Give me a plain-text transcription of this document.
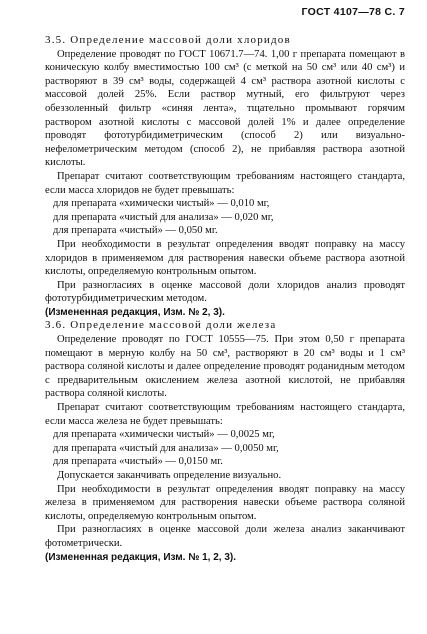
ГОСТ 4107—78 С. 7
3.5. Определение массовой доли хлоридов

Определение проводят по ГОСТ 10671.7—74. 1,00 г препарата помещают в коническую колбу вместимостью 100 см³ (с меткой на 50 см³ или 40 см³) и растворяют в 39 см³ воды, содержащей 4 см³ раствора азотной кислоты с массовой долей 25%. Если раствор мутный, его фильтруют через обеззоленный фильтр «синяя лента», тщательно промывают горячим раствором азотной кислоты с массовой долей 1% и далее определение проводят фототурбидиметрическим (способ 2) или визуально-нефелометрическим методом (способ 2), не прибавляя раствора азотной кислоты.

Препарат считают соответствующим требованиям настоящего стандарта, если масса хлоридов не будет превышать:

для препарата «химически чистый» — 0,010 мг,

для препарата «чистый для анализа» — 0,020 мг,

для препарата «чистый» — 0,050 мг.

При необходимости в результат определения вводят поправку на массу хлоридов в применяемом для растворения навески объеме раствора азотной кислоты, определяемую контрольным опытом.

При разногласиях в оценке массовой доли хлоридов анализ проводят фототурбидиметрическим методом.

(Измененная редакция, Изм. № 2, 3).

3.6. Определение массовой доли железа

Определение проводят по ГОСТ 10555—75. При этом 0,50 г препарата помещают в мерную колбу на 50 см³, растворяют в 20 см³ воды и 1 см³ раствора соляной кислоты и далее определение проводят роданидным методом с предварительным окислением железа азотной кислотой, не прибавляя раствора соляной кислоты.

Препарат считают соответствующим требованиям настоящего стандарта, если масса железа не будет превышать:

для препарата «химически чистый» — 0,0025 мг,

для препарата «чистый для анализа» — 0,0050 мг,

для препарата «чистый» — 0,0150 мг.

Допускается заканчивать определение визуально.

При необходимости в результат определения вводят поправку на массу железа в применяемом для растворения навески объеме раствора соляной кислоты, определяемую контрольным опытом.

При разногласиях в оценке массовой доли железа анализ заканчивают фотометрически.

(Измененная редакция, Изм. № 1, 2, 3).
